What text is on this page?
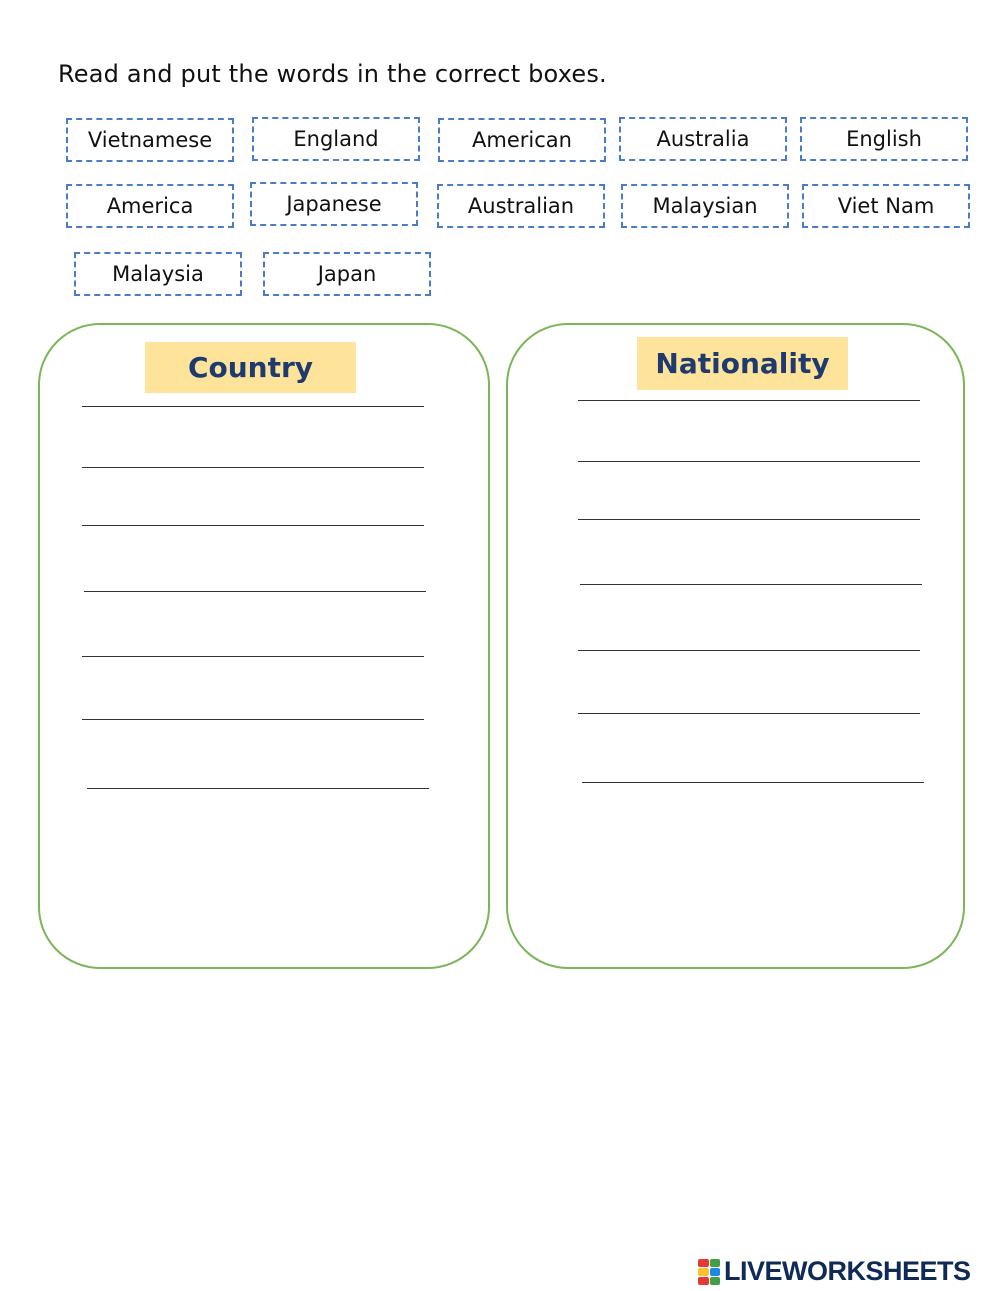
Read and put the words in the correct boxes.
Vietnamese	England	American	Australia	English
America	Japanese	Australian	Malaysian	Viet Nam
Malaysia	Japan
Country	Nationality
LIVEWORKSHEETS
